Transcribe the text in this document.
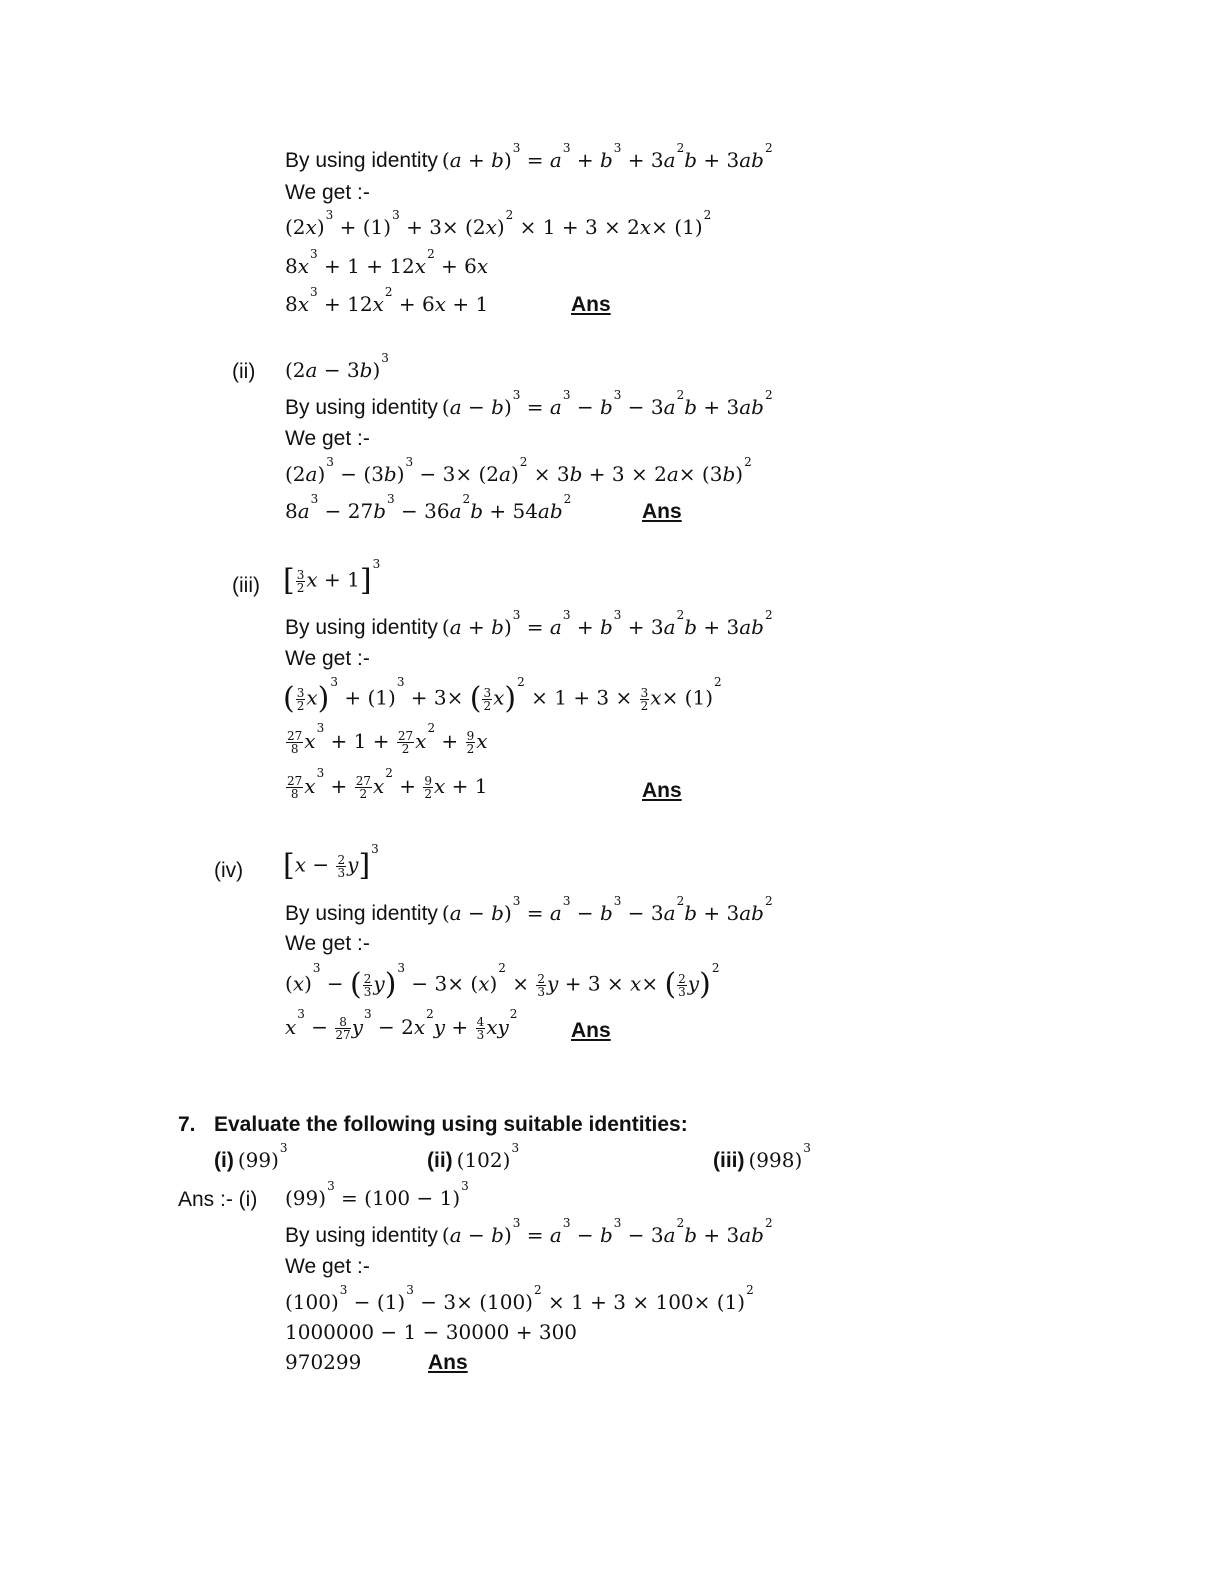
By using identity $(a + b)^3 = a^3 + b^3 + 3a^2b + 3ab^2$
We get :-
$(2x)^3 + (1)^3 + 3\times (2x)^2 \times 1 + 3 \times 2x\times (1)^2$
$8x^3 + 1 + 12x^2 + 6x$
$8x^3 + 12x^2 + 6x + 1$	Ans
(ii) $(2a - 3b)^3$
By using identity $(a - b)^3 = a^3 - b^3 - 3a^2b + 3ab^2$
We get :-
$(2a)^3 - (3b)^3 - 3\times (2a)^2 \times 3b + 3 \times 2a\times (3b)^2$
$8a^3 - 27b^3 - 36a^2b + 54ab^2$
Ans
(iii) [ $\frac{3}{2}$ x + 1]$^3$
By using identity $(a + b)^3 = a^3 + b^3 + 3a^2b + 3ab^2$
We get :-
( $\frac{3}{2} x)^3 + (1)^3 + 3\times$ ( $\frac{3}{2} x)^2 \times 1 + 3 \times \frac{3}{2} x\times (1)^2$
$\frac{27}{8} x^3 + 1 + \frac{27}{2} x^2 + \frac{9}{2}$ x
$\frac{27}{8} x^3 + \frac{27}{2} x^2 + \frac{9}{2}$ x + 1	Ans
(iv) $[x - \frac{2}{3} y]^3$
By using identity $(a - b)^3 = a^3 - b^3 - 3a^2b + 3ab^2$
We get :-
$(x)^3$ − ( $\frac{2}{3} y)^3 - 3\times (x)^2 \times \frac{2}{3}$ y + 3 × x× ( $\frac{2}{3} y)^2$
$x^3 - \frac{8}{27} y^3 - 2x^2y + \frac{4}{3} xy^2$
Ans
7. Evaluate the following using suitable identities:
(i) $(99)^3$
(ii) $(102)^3$
(iii) $(998)^3$
Ans :- (i) $(99)^3 = (100 - 1)^3$
By using identity $(a - b)^3 = a^3 - b^3 - 3a^2b + 3ab^2$
We get :-
$(100)^3 - (1)^3 - 3\times (100)^2 \times 1 + 3 \times 100\times (1)^2$
1000000 − 1 − 30000 + 300
970299	Ans
